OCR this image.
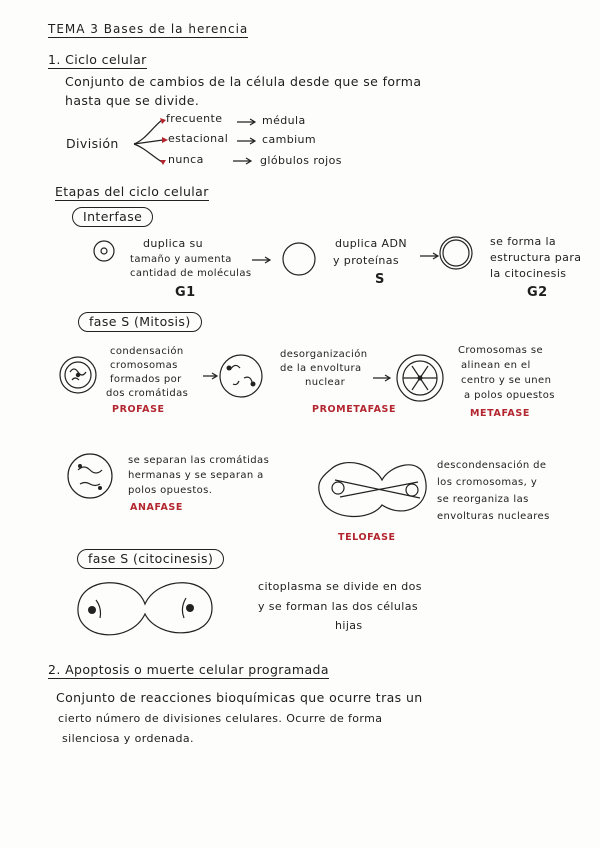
TEMA 3 Bases de la herencia
1. Ciclo celular
Conjunto de cambios de la célula desde que se forma
hasta que se divide.
División
frecuente	médula
estacional	cambium
nunca	glóbulos rojos
Etapas del ciclo celular
Interfase
duplica su
tamaño y aumenta
cantidad de moléculas
G1
duplica ADN
y proteínas
S
se forma la
estructura para
la citocinesis
G2
fase S (Mitosis)
condensación
cromosomas
formados por
dos cromátidas
PROFASE
desorganización
de la envoltura
nuclear
PROMETAFASE
Cromosomas se
alinean en el
centro y se unen
a polos opuestos
METAFASE
se separan las cromátidas
hermanas y se separan a
polos opuestos.
ANAFASE
TELOFASE
descondensación de
los cromosomas, y
se reorganiza las
envolturas nucleares
fase S (citocinesis)
citoplasma se divide en dos
y se forman las dos células
hijas
2. Apoptosis o muerte celular programada
Conjunto de reacciones bioquímicas que ocurre tras un
cierto número de divisiones celulares. Ocurre de forma
silenciosa y ordenada.
